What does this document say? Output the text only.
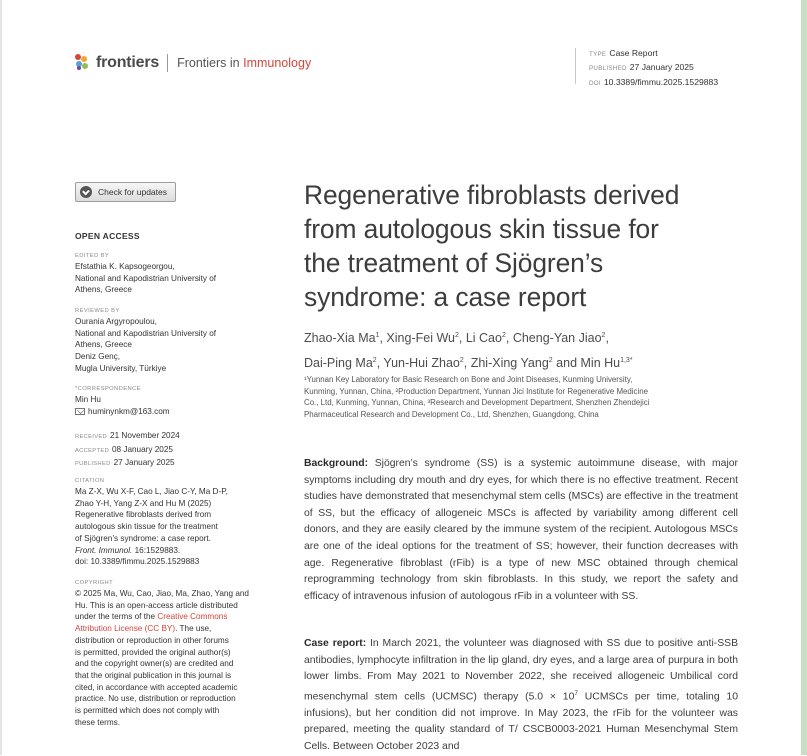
frontiers Frontiers in Immunology
TYPE Case Report
PUBLISHED 27 January 2025
DOI 10.3389/fimmu.2025.1529883
Check for updates
OPEN ACCESS
EDITED BY
Efstathia K. Kapsogeorgou,
National and Kapodistrian University of
Athens, Greece
REVIEWED BY
Ourania Argyropoulou,
National and Kapodistrian University of
Athens, Greece
Deniz Genç,
Mugla University, Türkiye
*CORRESPONDENCE
Min Hu
huminynkm@163.com
RECEIVED 21 November 2024
ACCEPTED 08 January 2025
PUBLISHED 27 January 2025
CITATION
Ma Z-X, Wu X-F, Cao L, Jiao C-Y, Ma D-P,
Zhao Y-H, Yang Z-X and Hu M (2025)
Regenerative fibroblasts derived from
autologous skin tissue for the treatment
of Sjögren’s syndrome: a case report.
Front. Immunol. 16:1529883.
doi: 10.3389/fimmu.2025.1529883
COPYRIGHT
© 2025 Ma, Wu, Cao, Jiao, Ma, Zhao, Yang and
Hu. This is an open-access article distributed
under the terms of the Creative Commons
Attribution License (CC BY). The use,
distribution or reproduction in other forums
is permitted, provided the original author(s)
and the copyright owner(s) are credited and
that the original publication in this journal is
cited, in accordance with accepted academic
practice. No use, distribution or reproduction
is permitted which does not comply with
these terms.
Regenerative fibroblasts derived
from autologous skin tissue for
the treatment of Sjögren’s
syndrome: a case report
Zhao-Xia Ma$^1$, Xing-Fei Wu$^2$, Li Cao$^2$, Cheng-Yan Jiao$^2$,
Dai-Ping Ma$^2$, Yun-Hui Zhao$^2$, Zhi-Xing Yang$^2$ and Min $Hu^{1,3*}$
¹Yunnan Key Laboratory for Basic Research on Bone and Joint Diseases, Kunming University,
Kunming, Yunnan, China, ²Production Department, Yunnan Jici Institute for Regenerative Medicine
Co., Ltd, Kunming, Yunnan, China, ³Research and Development Department, Shenzhen Zhendejici
Pharmaceutical Research and Development Co., Ltd, Shenzhen, Guangdong, China
Background: Sjögren’s syndrome (SS) is a systemic autoimmune disease, with major symptoms including dry mouth and dry eyes, for which there is no effective treatment. Recent studies have demonstrated that mesenchymal stem cells (MSCs) are effective in the treatment of SS, but the efficacy of allogeneic MSCs is affected by variability among different cell donors, and they are easily cleared by the immune system of the recipient. Autologous MSCs are one of the ideal options for the treatment of SS; however, their function decreases with age. Regenerative fibroblast (rFib) is a type of new MSC obtained through chemical reprogramming technology from skin fibroblasts. In this study, we report the safety and efficacy of intravenous infusion of autologous rFib in a volunteer with SS.
Case report: In March 2021, the volunteer was diagnosed with SS due to positive anti-SSB antibodies, lymphocyte infiltration in the lip gland, dry eyes, and a large area of purpura in both lower limbs. From May 2021 to November 2022, she received allogeneic Umbilical cord mesenchymal stem cells (UCMSC) therapy ($5.0 \times 10^7$ UCMSCs per time, totaling 10 infusions), but her condition did not improve. In May 2023, the rFib for the volunteer was prepared, meeting the quality standard of T/ CSCB0003-2021 Human Mesenchymal Stem Cells. Between October 2023 and
